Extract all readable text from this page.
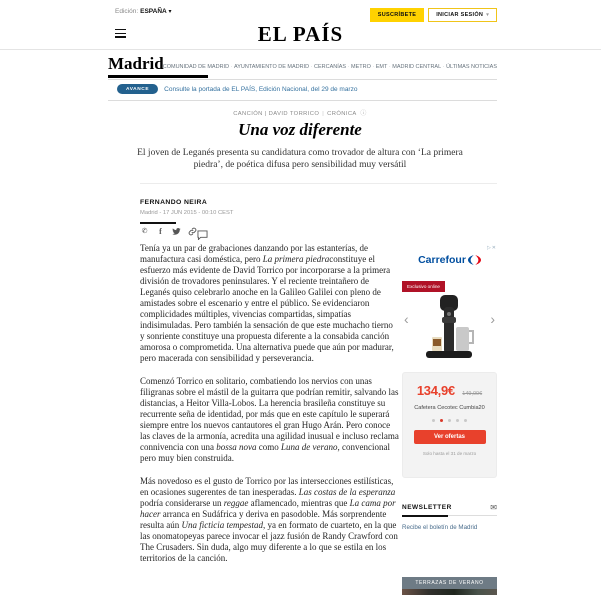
Edición: ESPAÑA ▾	SUSCRÍBETE	INICIAR SESIÓN ▾
EL PAÍS
Madrid COMUNIDAD DE MADRID · AYUNTAMIENTO DE MADRID · CERCANÍAS · METRO · EMT · MADRID CENTRAL · ÚLTIMAS NOTICIAS
AVANCE	Consulte la portada de EL PAÍS, Edición Nacional, del 29 de marzo
CANCIÓN | DAVID TORRICO | CRÓNICA ⓘ
Una voz diferente
El joven de Leganés presenta su candidatura como trovador de altura con ‘La primera piedra’, de poética difusa pero sensibilidad muy versátil
FERNANDO NEIRA
Madrid - 17 JUN 2015 - 00:10 CEST
✆	f

Tenía ya un par de grabaciones danzando por las estanterías, de manufactura casi doméstica, pero La primera piedraconstituye el esfuerzo más evidente de David Torrico por incorporarse a la primera división de trovadores peninsulares. Y el reciente treintañero de Leganés quiso celebrarlo anoche en la Galileo Galilei con pleno de amistades sobre el escenario y entre el público. Se evidenciaron complicidades múltiples, vivencias compartidas, simpatías indisimuladas. Pero también la sensación de que este muchacho tierno y sonriente constituye una propuesta diferente a la consabida canción amorosa o comprometida. Una alternativa puede que aún por madurar, pero macerada con sensibilidad y perseverancia.

Comenzó Torrico en solitario, combatiendo los nervios con unas filigranas sobre el mástil de la guitarra que podrían remitir, salvando las distancias, a Heitor Villa-Lobos. La herencia brasileña constituye su recurrente seña de identidad, por más que en este capítulo le superará siempre entre los nuevos cantautores el gran Hugo Arán. Pero conoce las claves de la armonía, acredita una agilidad inusual e incluso reclama connivencia con una bossa nova como Luna de verano, convencional pero muy bien construida.

Más novedoso es el gusto de Torrico por las intersecciones estilísticas, en ocasiones sugerentes de tan inesperadas. Las costas de la esperanza podría considerarse un reggae aflamencado, mientras que La cama por hacer arranca en Sudáfrica y deriva en pasodoble. Más sorprendente resulta aún Una ficticia tempestad, ya en formato de cuarteto, en la que las onomatopeyas parece invocar el jazz fusión de Randy Crawford con The Crusaders. Sin duda, algo muy diferente a lo que se estila en los territorios de la canción.

▷✕
Carrefour
Exclusivo online
‹	›
134,9€ 149,00€
Cafetera Cecotec Cumbia20
Ver ofertas
Solo hasta el 31 de marzo
NEWSLETTER	✉
Recibe el boletín de Madrid
TERRAZAS DE VERANO
